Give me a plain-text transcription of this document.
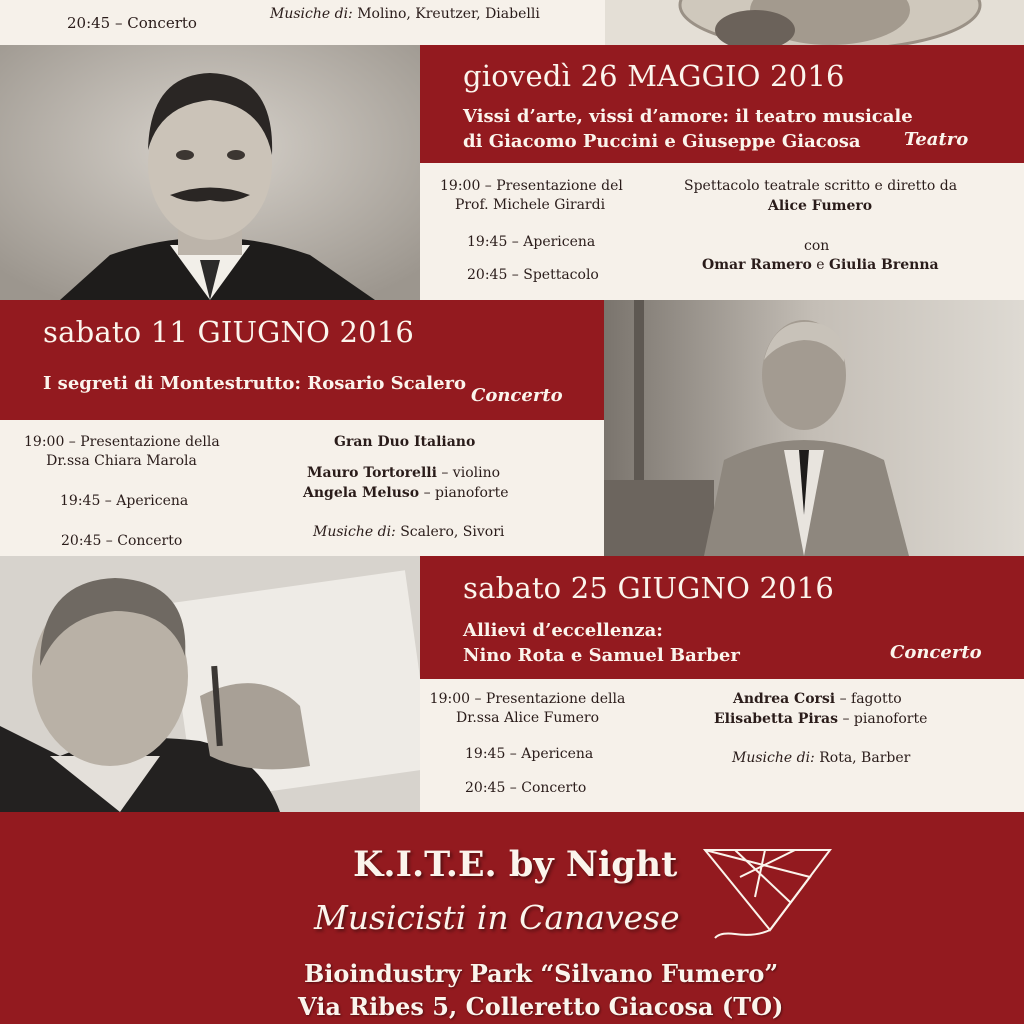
20:45 – Concerto	Musiche di: Molino, Kreutzer, Diabelli
giovedì 26 MAGGIO 2016
Vissi d’arte, vissi d’amore: il teatro musicale
di Giacomo Puccini e Giuseppe Giacosa Teatro
19:00 – Presentazione del
Prof. Michele Girardi
19:45 – Apericena
20:45 – Spettacolo
Spettacolo teatrale scritto e diretto da
Alice Fumero
con
Omar Ramero e Giulia Brenna
sabato 11 GIUGNO 2016
I segreti di Montestrutto: Rosario Scalero
Concerto
19:00 – Presentazione della
Dr.ssa Chiara Marola
19:45 – Apericena
20:45 – Concerto
Gran Duo Italiano
Mauro Tortorelli – violino
Angela Meluso – pianoforte
Musiche di: Scalero, Sivori
sabato 25 GIUGNO 2016
Allievi d’eccellenza:
Nino Rota e Samuel Barber	Concerto
19:00 – Presentazione della
Dr.ssa Alice Fumero
19:45 – Apericena
20:45 – Concerto
Andrea Corsi – fagotto
Elisabetta Piras – pianoforte
Musiche di: Rota, Barber
K.I.T.E. by Night
Musicisti in Canavese
Bioindustry Park “Silvano Fumero”
Via Ribes 5, Colleretto Giacosa (TO)
